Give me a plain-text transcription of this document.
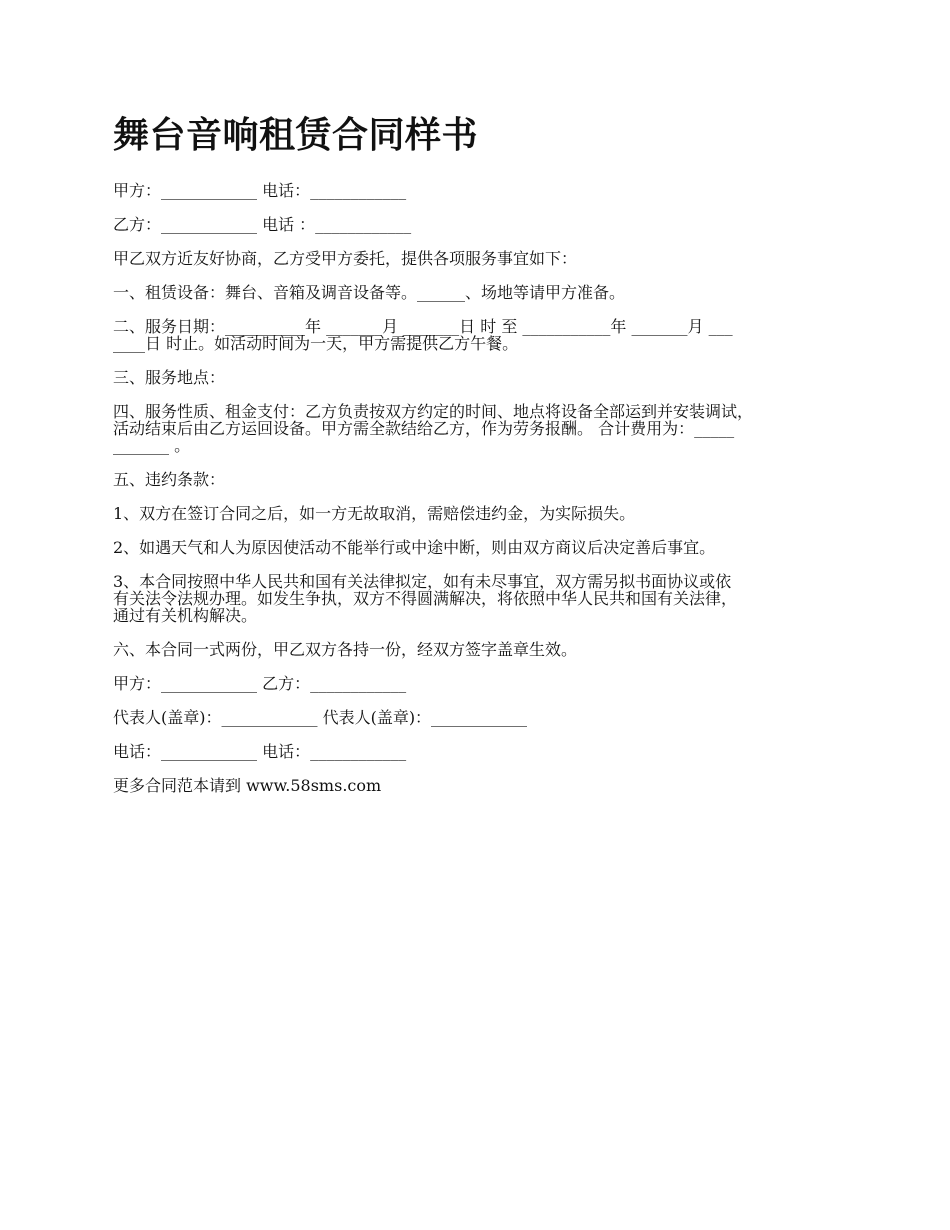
舞台音响租赁合同样书

甲方：____________ 电话：____________

乙方：____________ 电话 ：____________

甲乙双方近友好协商，乙方受甲方委托，提供各项服务事宜如下：

一、租赁设备：舞台、音箱及调音设备等。______、场地等请甲方准备。

二、服务日期：__________年 _______月 _______日 时 至 ___________年 _______月 ___
____日 时止。如活动时间为一天，甲方需提供乙方午餐。

三、服务地点：

四、服务性质、租金支付：乙方负责按双方约定的时间、地点将设备全部运到并安装调试，
活动结束后由乙方运回设备。甲方需全款结给乙方，作为劳务报酬。 合计费用为：_____
_______ 。

五、违约条款：

1、双方在签订合同之后，如一方无故取消，需赔偿违约金，为实际损失。

2、如遇天气和人为原因使活动不能举行或中途中断，则由双方商议后决定善后事宜。

3、本合同按照中华人民共和国有关法律拟定，如有未尽事宜，双方需另拟书面协议或依
有关法令法规办理。如发生争执，双方不得圆满解决，将依照中华人民共和国有关法律，
通过有关机构解决。

六、本合同一式两份，甲乙双方各持一份，经双方签字盖章生效。

甲方：____________ 乙方：____________

代表人(盖章)：____________ 代表人(盖章)：____________

电话：____________ 电话：____________

更多合同范本请到 www.58sms.com
